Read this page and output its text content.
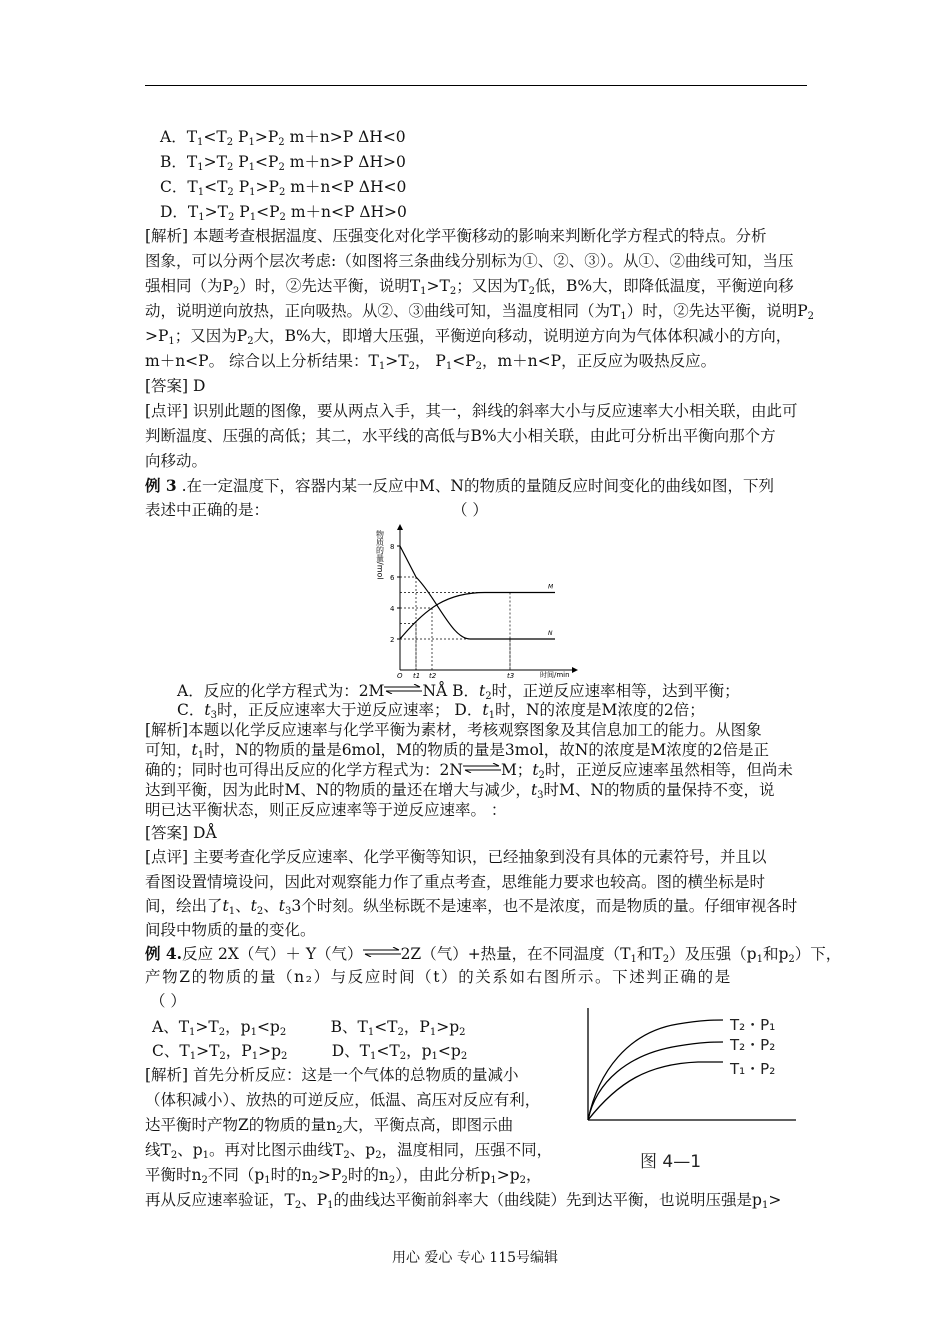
A．$T_1<T_2$ $P_1>P_2$ m＋n>P ΔH<0
B．$T_1>T_2$ $P_1<P_2$ m＋n>P ΔH>0
C．$T_1<T_2$ $P_1>P_2$ m＋n<P ΔH<0
D．$T_1>T_2$ $P_1<P_2$ m＋n<P ΔH>0
[解析] 本题考查根据温度、压强变化对化学平衡移动的影响来判断化学方程式的特点。分析
图象，可以分两个层次考虑:（如图将三条曲线分别标为①、②、③）。从①、②曲线可知，当压
强相同（为$P_2$）时，②先达平衡，说明$T_1>T_2$；又因为$T_2$低，B%大，即降低温度，平衡逆向移
动，说明逆向放热，正向吸热。从②、③曲线可知，当温度相同（为$T_1$）时，②先达平衡，说明$P_2$
$>P_1$；又因为$P_2$大，B%大，即增大压强，平衡逆向移动，说明逆方向为气体体积减小的方向，
m＋n<P。 综合以上分析结果：$T_1>T_2$， $P_1<P_2$，m＋n<P，正反应为吸热反应。
[答案] D
[点评] 识别此题的图像，要从两点入手，其一，斜线的斜率大小与反应速率大小相关联，由此可
判断温度、压强的高低；其二，水平线的高低与B%大小相关联，由此可分析出平衡向那个方
向移动。
例 3 .在一定温度下，容器内某一反应中M、N的物质的量随反应时间变化的曲线如图，下列
表述中正确的是：	（ ）
物质的量/mol
时间/min
2
4
6
8
O t1 t2	t3
M
N
A．反应的化学方程式为：2M⇌NÅ B．$t_2$时，正逆反应速率相等，达到平衡；
C．$t_3$时，正反应速率大于逆反应速率； D．$t_1$时，N的浓度是M浓度的2倍；
[解析]本题以化学反应速率与化学平衡为素材，考核观察图象及其信息加工的能力。从图象
可知，$t_1$时，N的物质的量是6mol，M的物质的量是3mol，故N的浓度是M浓度的2倍是正
确的；同时也可得出反应的化学方程式为：2N⇌M；$t_2$时，正逆反应速率虽然相等，但尚未
达到平衡，因为此时M、N的物质的量还在增大与减少，$t_3$时M、N的物质的量保持不变，说
明已达平衡状态，则正反应速率等于逆反应速率。 ：
[答案] DÅ
[点评] 主要考查化学反应速率、化学平衡等知识，已经抽象到没有具体的元素符号，并且以
看图设置情境设问，因此对观察能力作了重点考查，思维能力要求也较高。图的横坐标是时
间，绘出了$t_1$、$t_2$、$t_33$个时刻。纵坐标既不是速率，也不是浓度，而是物质的量。仔细审视各时
间段中物质的量的变化。
例 4.反应 2X（气）＋ Y（气）⇌2Z（气）+热量，在不同温度（$T_1$和$T_2$）及压强（$p_1$和$p_2$）下，
产物Z的物质的量（n₂）与反应时间（t）的关系如右图所示。下述判正确的是
（ ）
A、$T_1>T_2$，$p_1<p_2$         B、$T_1<T_2$，$P_1>p_2$
C、$T_1>T_2$，$P_1>p_2$         D、$T_1<T_2$，$p_1<p_2$
[解析] 首先分析反应：这是一个气体的总物质的量减小
（体积减小）、放热的可逆反应，低温、高压对反应有利，
达平衡时产物Z的物质的量$n_2$大，平衡点高，即图示曲
线$T_2$、$p_1$。再对比图示曲线$T_2$、$p_2$，温度相同，压强不同，
平衡时$n_2$不同（$p_1$时的$n_2>P_2$时的$n_2$），由此分析$p_1>p_2$，
再从反应速率验证，$T_2$、$P_1$的曲线达平衡前斜率大（曲线陡）先到达平衡，也说明压强是$p_1>$
T₂・P₁
T₂・P₂
T₁・P₂
图 4—1
用心 爱心 专心 115号编辑
